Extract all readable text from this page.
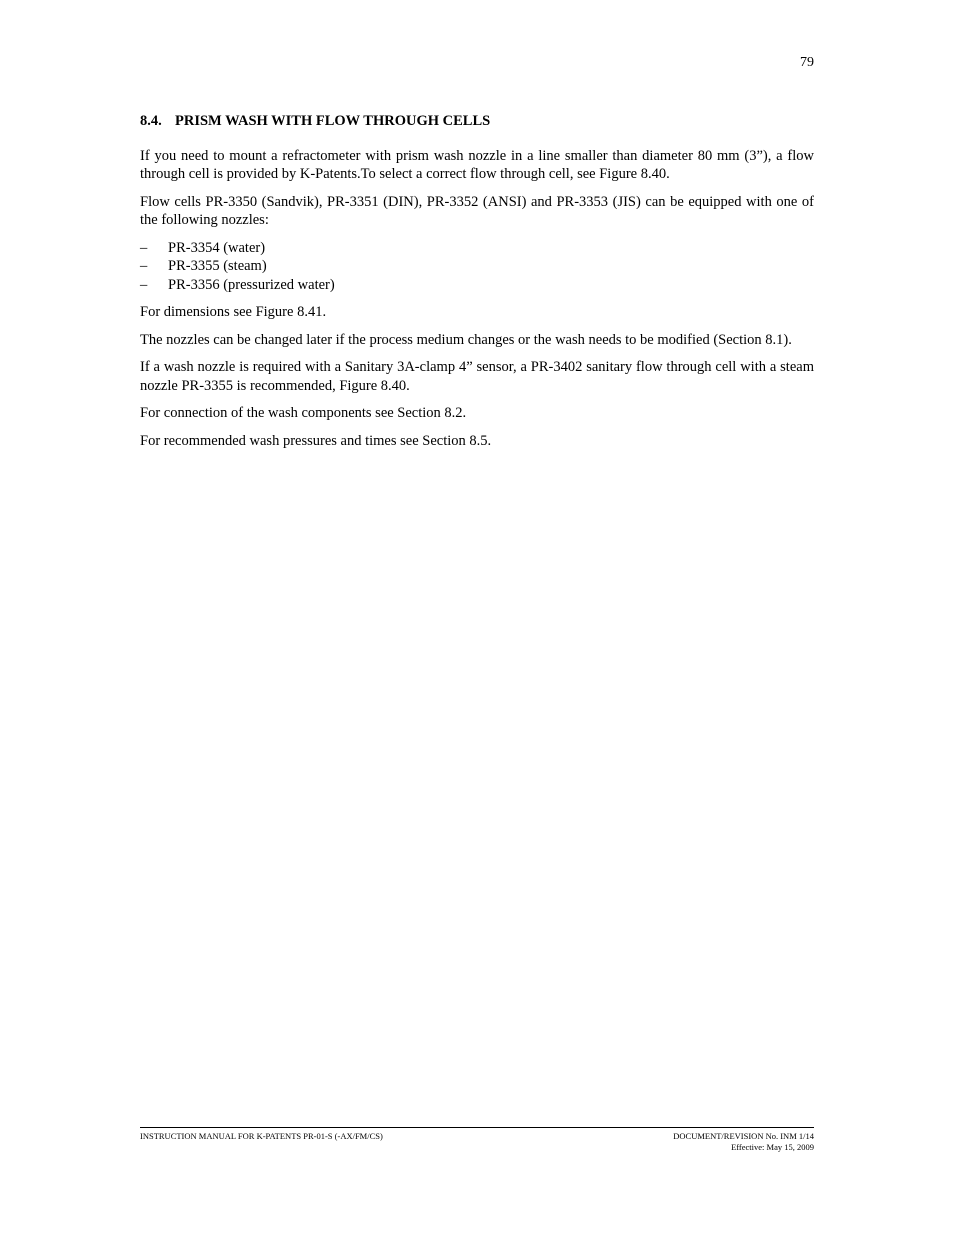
79
8.4. PRISM WASH WITH FLOW THROUGH CELLS

If you need to mount a refractometer with prism wash nozzle in a line smaller than diameter 80 mm (3”), a flow through cell is provided by K-Patents.To select a correct flow through cell, see Figure 8.40.

Flow cells PR-3350 (Sandvik), PR-3351 (DIN), PR-3352 (ANSI) and PR-3353 (JIS) can be equipped with one of the following nozzles:

– PR-3354 (water)
– PR-3355 (steam)
– PR-3356 (pressurized water)

For dimensions see Figure 8.41.

The nozzles can be changed later if the process medium changes or the wash needs to be modified (Section 8.1).

If a wash nozzle is required with a Sanitary 3A-clamp 4” sensor, a PR-3402 sanitary flow through cell with a steam nozzle PR-3355 is recommended, Figure 8.40.

For connection of the wash components see Section 8.2.

For recommended wash pressures and times see Section 8.5.

INSTRUCTION MANUAL FOR K-PATENTS PR-01-S (-AX/FM/CS)	DOCUMENT/REVISION No. INM 1/14
Effective: May 15, 2009
